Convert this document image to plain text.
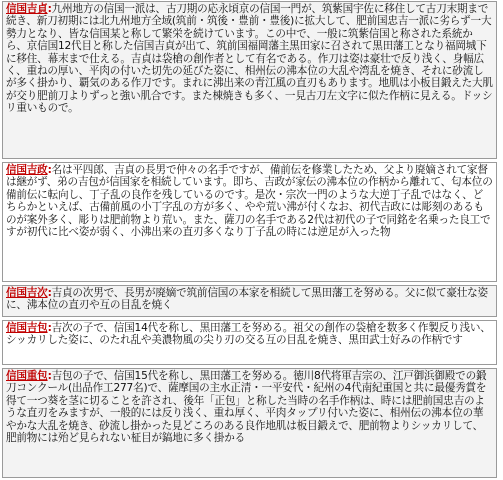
信国吉貞:九州地方の信国一派は、古刀期の応永頃京の信国一門が、筑紫国宇佐に移住して古刀末期まで続き、新刀初期には北九州地方全域(筑前・筑後・豊前・豊後)に拡大して、肥前国忠吉一派に劣らず一大勢力となり、皆な信国某と称して繁栄を続けています。この中で、一般に筑紫信国と称された系統から、京信国12代目と称した信国吉貞が出て、筑前国福岡藩主黒田家に召されて黒田藩工となり福岡城下に移住、幕末まで仕える。吉貞は袋槍の創作者として有名である。作刀は姿は豪壮で反り浅く、身幅広く、重ねの厚い、平肉の付いた切先の延びた姿に、相州伝の沸本位の大乱や湾乱を焼き、それに砂流しが多く掛かり、覇気のある作刀です。まれに沸出来の青江風の直刃もあります。地肌は小板目鍛えた大肌が交り肥前刀よりずっと強い肌合です。また棟焼きも多く、一見古刀左文字に似た作柄に見える。ドッシリ重いもので。
信国吉政:名は平四郎、吉貞の長男で仲々の名手ですが、備前伝を修業したため、父より廃嫡されて家督は継がず、弟の吉包が信国家を相続しています。即ち、吉政が家伝の沸本位の作柄から離れて、匂本位の備前伝に転向し、丁子乱の良作を残しているのです。是次・宗次一門のような大逆丁子乱ではなく、どちらかといえば、古備前風の小丁字乱の方が多く、やや荒い沸が付くなお、初代吉政には彫刻のあるものが案外多く、彫りは肥前物より荒い。また、薩刀の名手である2代は初代の子で同銘を名乗った良工ですが初代に比べ姿が弱く、小沸出来の直刃多くなり丁子乱の時には逆足が入った物
信国吉次:吉貞の次男で、長男が廃嫡で筑前信国の本家を相続して黒田藩工を努める。父に似て豪壮な姿に、沸本位の直刃や互の目乱を焼く
信国吉包:吉次の子で、信国14代を称し、黒田藩工を努める。祖父の創作の袋槍を数多く作製反り浅い、シッカリした姿に、のたれ乱や美濃物風の尖り刃の交る互の目乱を焼き、黒田武士好みの作柄です
信国重包:吉包の子で、信国15代を称し、黒田藩工を努める。徳川8代将軍吉宗の、江戸御浜御殿での鍛刀コンクール(出品作工277名)で、薩摩国の主水正清・一平安代・紀州の4代南紀重国と共に最優秀賞を得て一つ葵を茎に切ることを許され、後年「正包」と称した当時の名手作柄は、時には肥前国忠吉のような直刃をみますが、一般的には反り浅く、重ね厚く、平肉タップリ付いた姿に、相州伝の沸本位の華やかな大乱を焼き、砂流し掛かった見どころのある良作地肌は板目鍛えで、肥前物よりシッカリして、肥前物には殆ど見られない柾目が鎬地に多く掛かる
